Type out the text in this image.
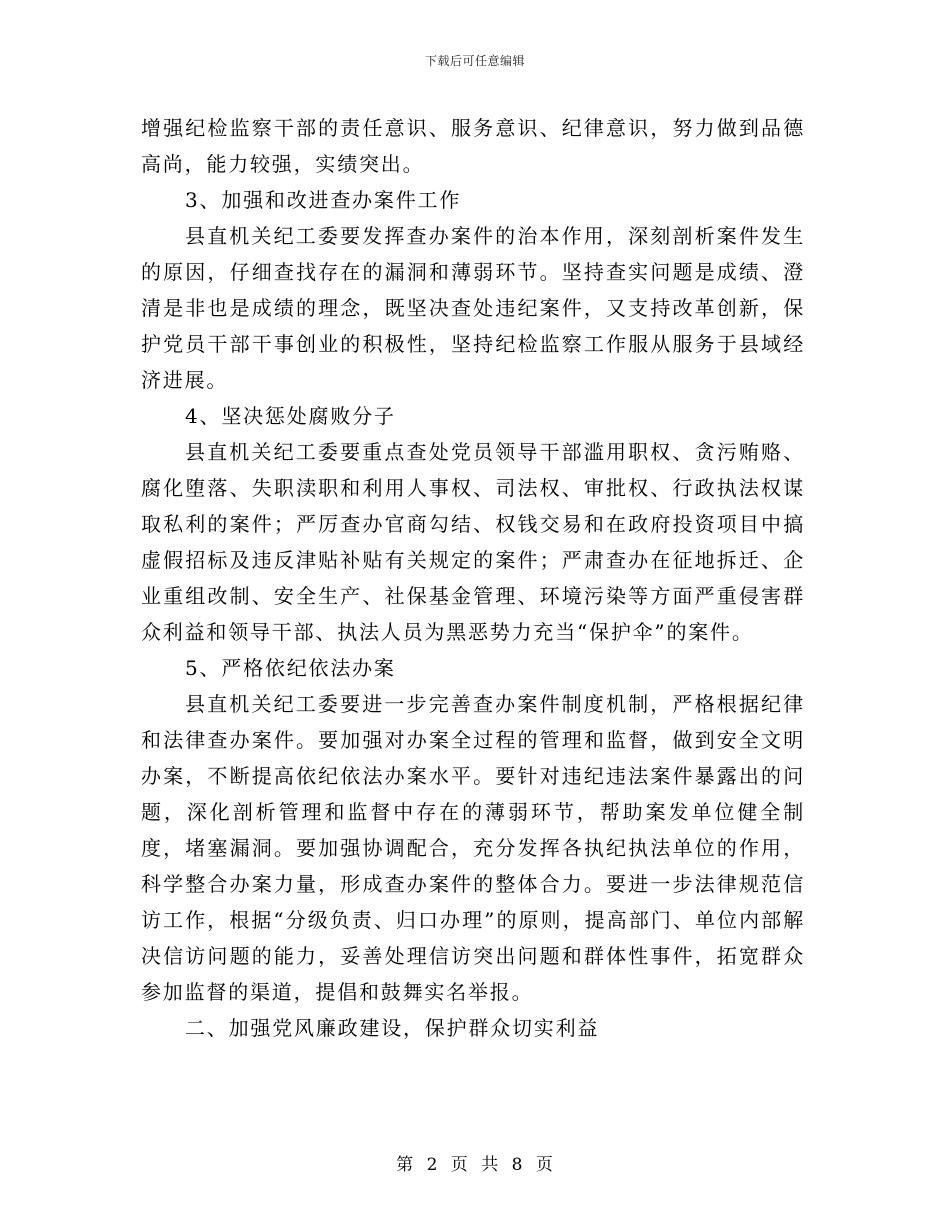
下载后可任意编辑

增强纪检监察干部的责任意识、服务意识、纪律意识，努力做到品德高尚，能力较强，实绩突出。

3、加强和改进查办案件工作

县直机关纪工委要发挥查办案件的治本作用，深刻剖析案件发生的原因，仔细查找存在的漏洞和薄弱环节。坚持查实问题是成绩、澄清是非也是成绩的理念，既坚决查处违纪案件，又支持改革创新，保护党员干部干事创业的积极性，坚持纪检监察工作服从服务于县域经济进展。

4、坚决惩处腐败分子

县直机关纪工委要重点查处党员领导干部滥用职权、贪污贿赂、腐化堕落、失职渎职和利用人事权、司法权、审批权、行政执法权谋取私利的案件；严厉查办官商勾结、权钱交易和在政府投资项目中搞虚假招标及违反津贴补贴有关规定的案件；严肃查办在征地拆迁、企业重组改制、安全生产、社保基金管理、环境污染等方面严重侵害群众利益和领导干部、执法人员为黑恶势力充当“保护伞”的案件。

5、严格依纪依法办案

县直机关纪工委要进一步完善查办案件制度机制，严格根据纪律和法律查办案件。要加强对办案全过程的管理和监督，做到安全文明办案，不断提高依纪依法办案水平。要针对违纪违法案件暴露出的问题，深化剖析管理和监督中存在的薄弱环节，帮助案发单位健全制度，堵塞漏洞。要加强协调配合，充分发挥各执纪执法单位的作用，科学整合办案力量，形成查办案件的整体合力。要进一步法律规范信访工作，根据“分级负责、归口办理”的原则，提高部门、单位内部解决信访问题的能力，妥善处理信访突出问题和群体性事件，拓宽群众参加监督的渠道，提倡和鼓舞实名举报。

二、加强党风廉政建设，保护群众切实利益

第 2 页 共 8 页
